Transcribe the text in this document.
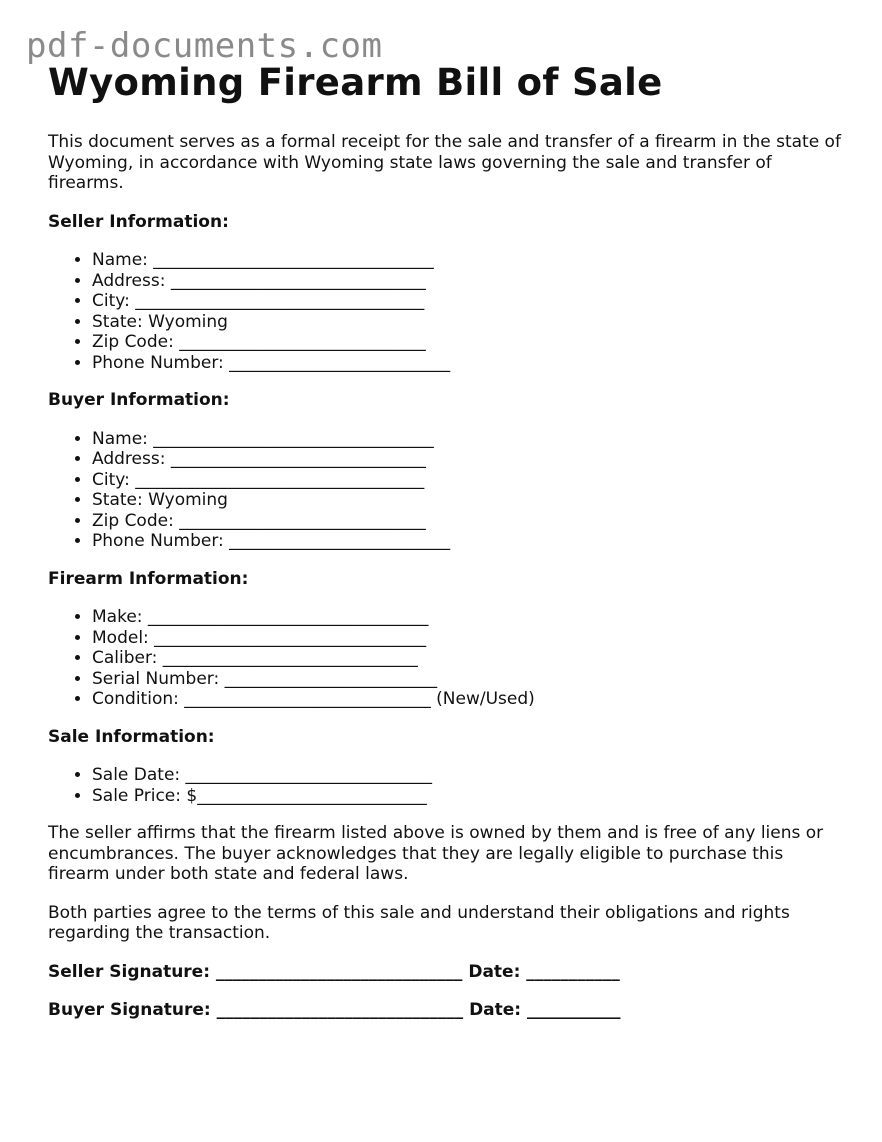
pdf-documents.com
Wyoming Firearm Bill of Sale

This document serves as a formal receipt for the sale and transfer of a firearm in the state of Wyoming, in accordance with Wyoming state laws governing the sale and transfer of firearms.

Seller Information:
• Name: _________________________________
• Address: ______________________________
• City: __________________________________
• State: Wyoming
• Zip Code: _____________________________
• Phone Number: __________________________
Buyer Information:
• Name: _________________________________
• Address: ______________________________
• City: __________________________________
• State: Wyoming
• Zip Code: _____________________________
• Phone Number: __________________________
Firearm Information:
• Make: _________________________________
• Model: ________________________________
• Caliber: ______________________________
• Serial Number: _________________________
• Condition: _____________________________ (New/Used)
Sale Information:
• Sale Date: _____________________________
• Sale Price: $___________________________

The seller affirms that the firearm listed above is owned by them and is free of any liens or encumbrances. The buyer acknowledges that they are legally eligible to purchase this firearm under both state and federal laws.

Both parties agree to the terms of this sale and understand their obligations and rights regarding the transaction.

Seller Signature: _____________________________ Date: ___________
Buyer Signature: _____________________________ Date: ___________
